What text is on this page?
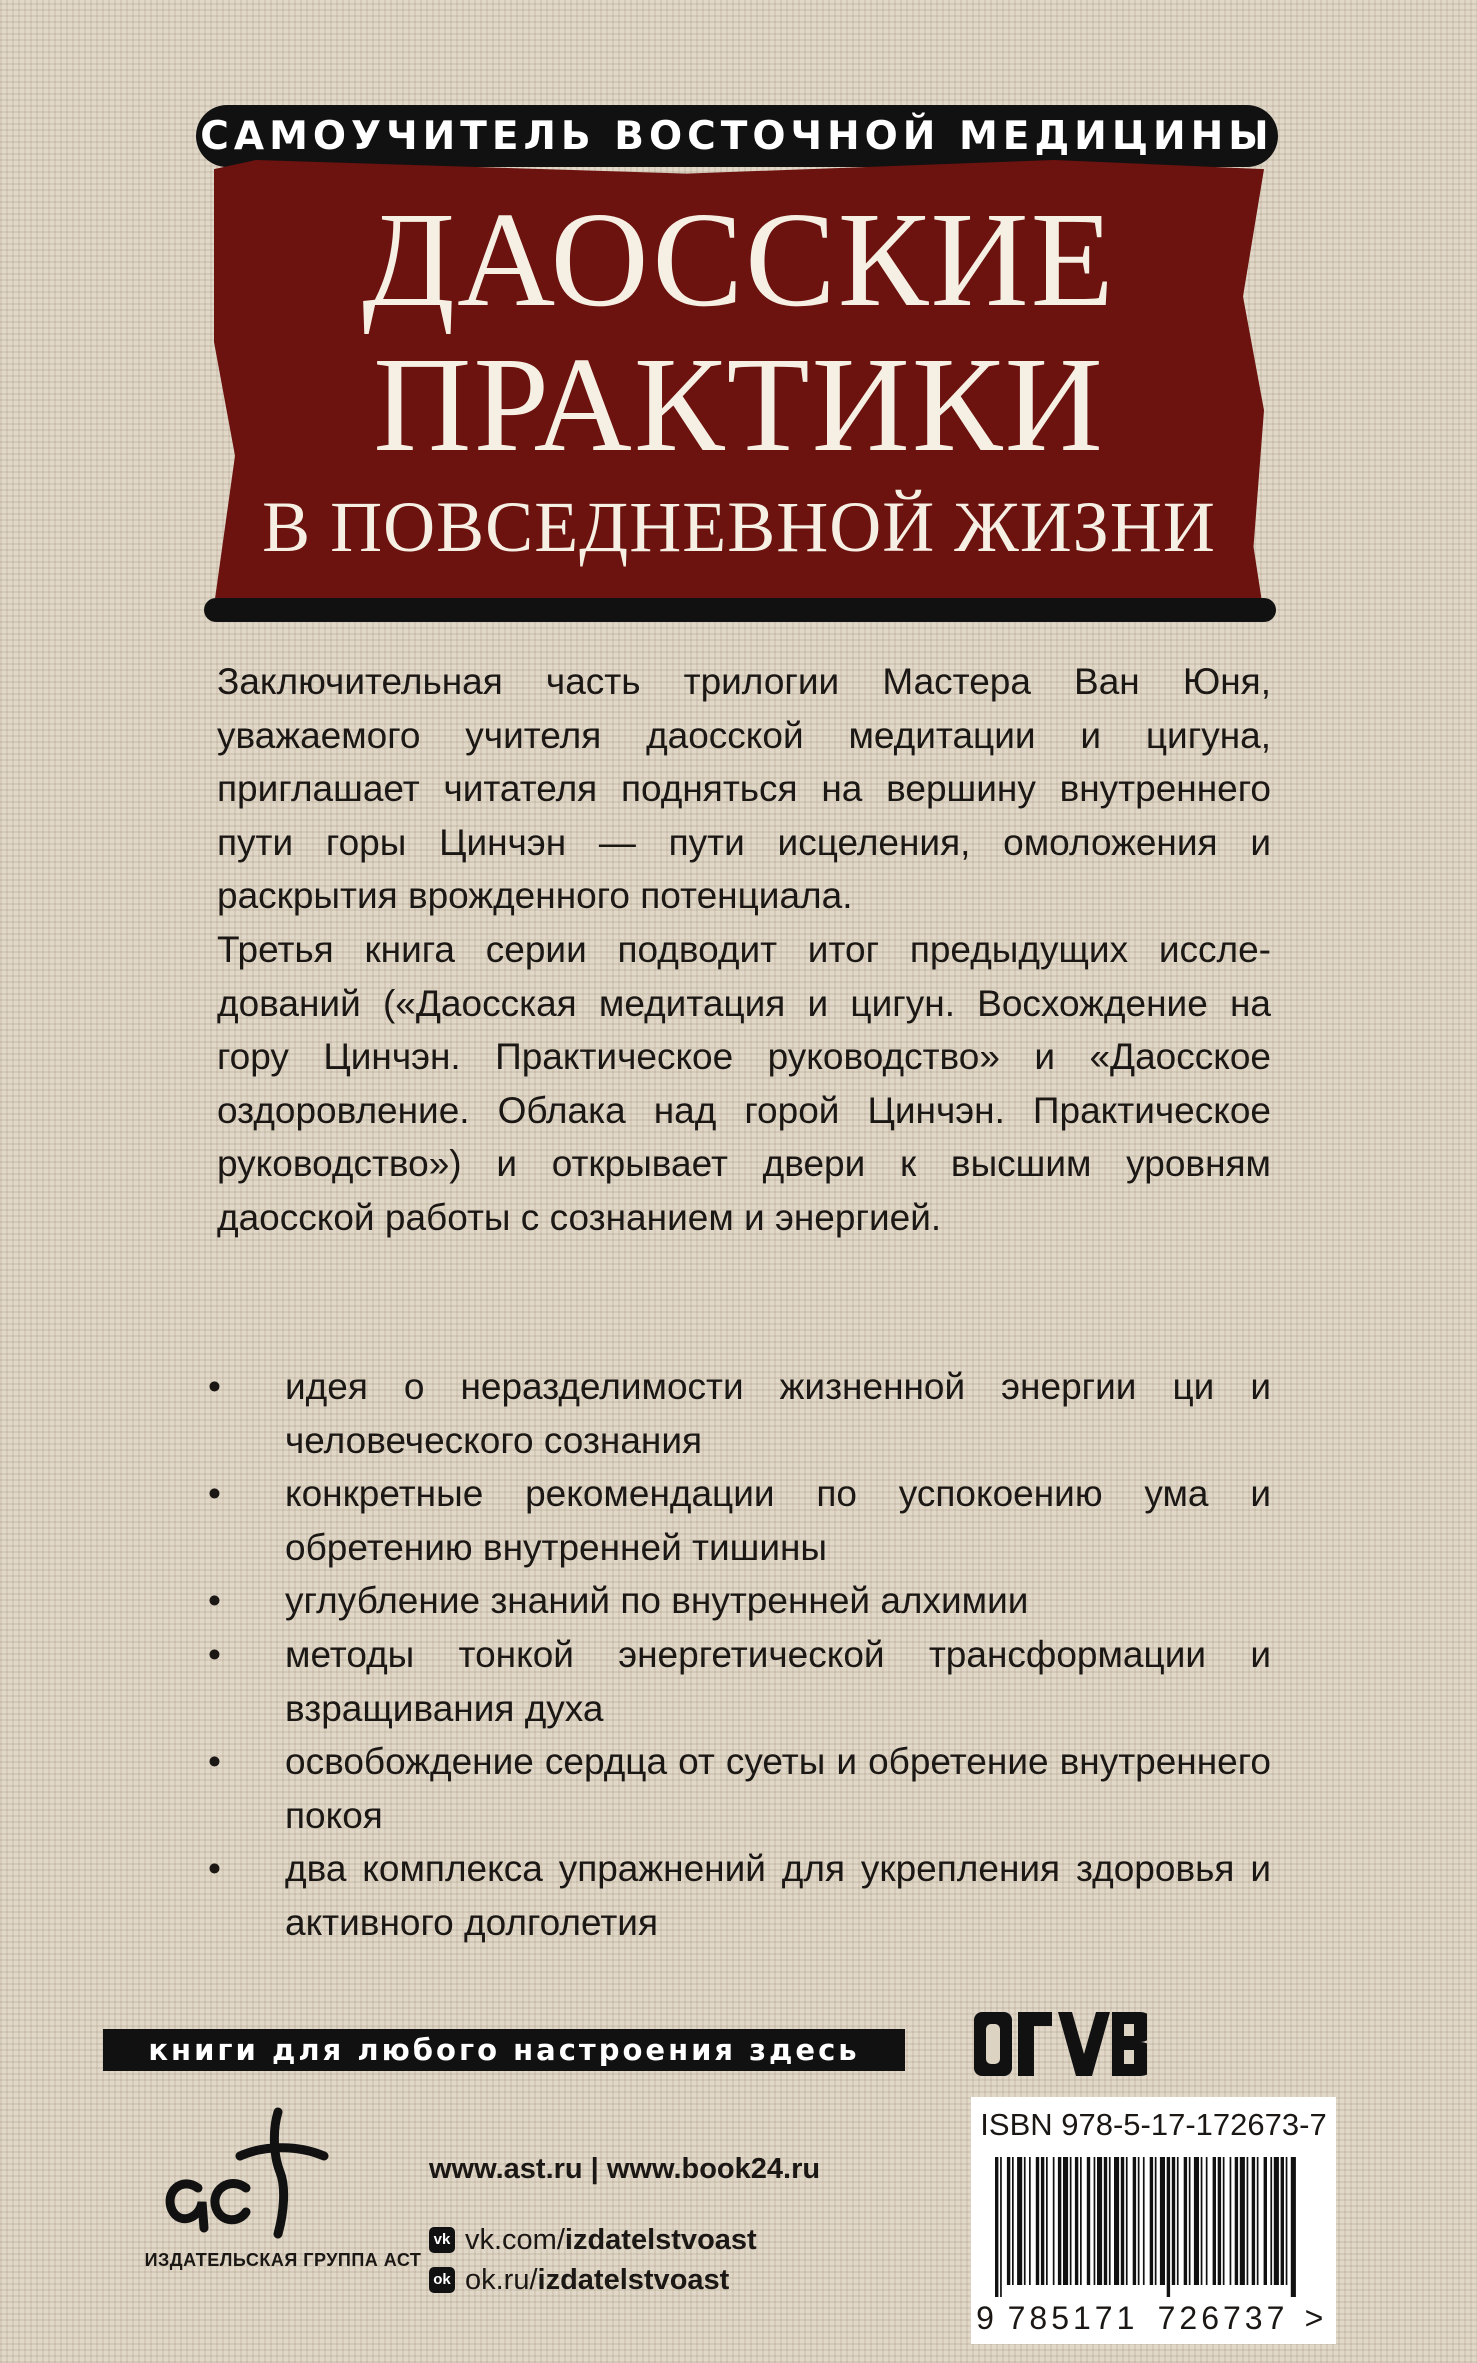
САМОУЧИТЕЛЬ ВОСТОЧНОЙ МЕДИЦИНЫ
ДАОССКИЕ
ПРАКТИКИ
В ПОВСЕДНЕВНОЙ ЖИЗНИ

Заключительная часть трилогии Мастера Ван Юня, уважаемого учителя даосской медитации и цигуна, приглашает читателя подняться на вершину внутреннего пути горы Цинчэн — пути исцеления, омоложения и раскрытия врожденного потенциала.

Третья книга серии подводит итог предыдущих исследований («Даосская медитация и цигун. Восхождение на гору Цинчэн. Практическое руководство» и «Даосское оздоровление. Облака над горой Цинчэн. Практическое руководство») и открывает двери к высшим уровням даосской работы с сознанием и энергией.

• идея о неразделимости жизненной энергии ци и человеческого сознания
• конкретные рекомендации по успокоению ума и обретению внутренней тишины
• углубление знаний по внутренней алхимии
• методы тонкой энергетической трансформации и взращивания духа
• освобождение сердца от суеты и обретение внутреннего покоя
• два комплекса упражнений для укрепления здоровья и активного долголетия
книги для любого настроения здесь
ИЗДАТЕЛЬСКАЯ ГРУППА АСТ
www.ast.ru | www.book24.ru
vk vk.com/ izdatelstvoast
ok ok.ru/ izdatelstvoast
ISBN 978-5-17-172673-7
9 785171 726737 >
